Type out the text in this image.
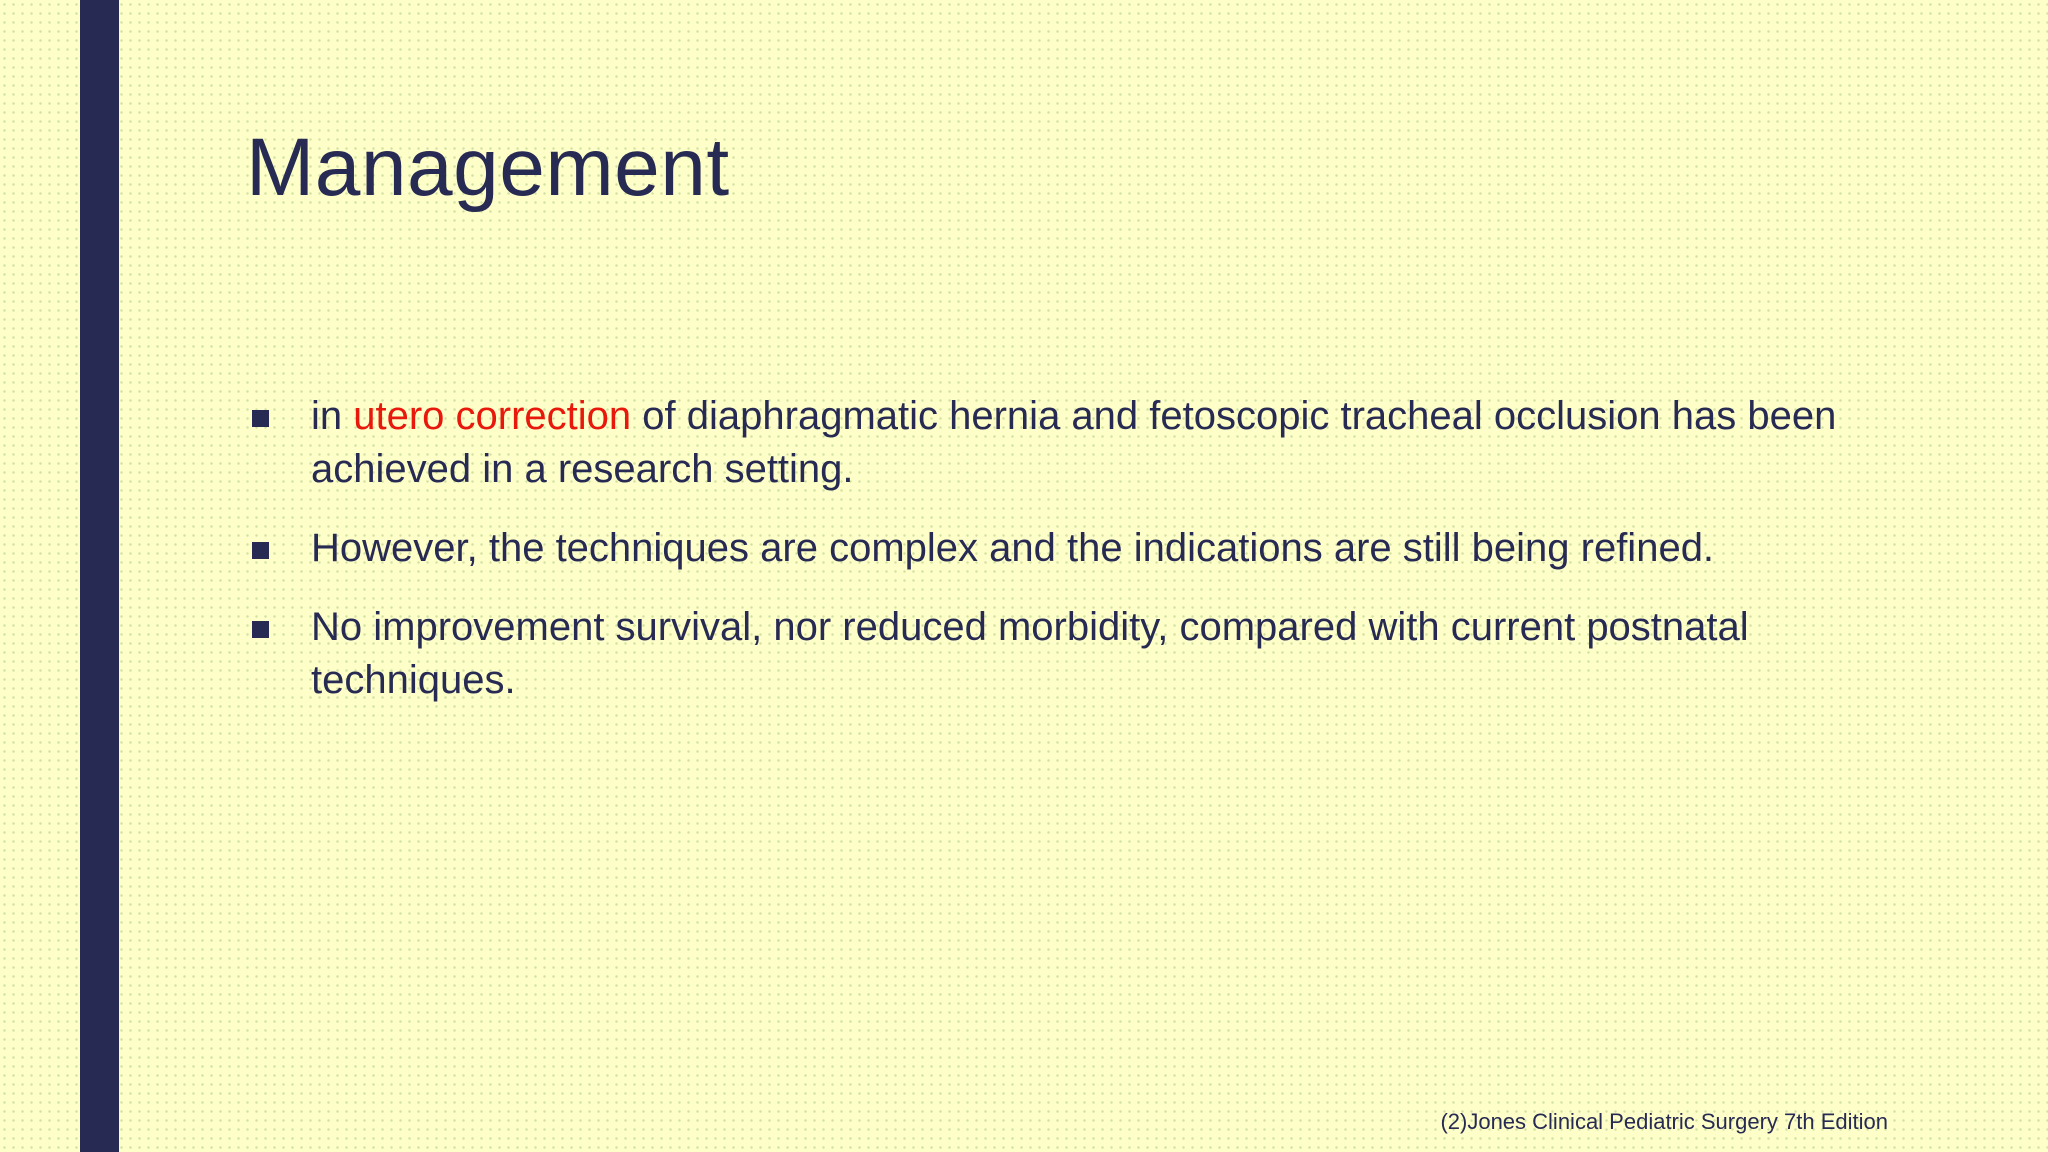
Management
in utero correction of diaphragmatic hernia and fetoscopic tracheal occlusion has been achieved in a research setting.
However, the techniques are complex and the indications are still being refined.
No improvement survival, nor reduced morbidity, compared with current postnatal techniques.
(2)Jones Clinical Pediatric Surgery 7th Edition
